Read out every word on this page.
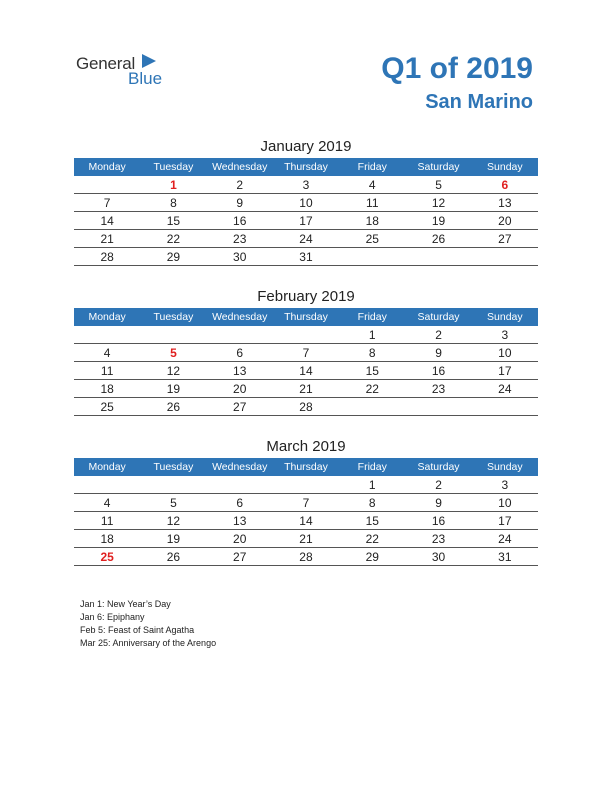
General
Blue	Q1 of 2019
San Marino
January 2019
Monday	Tuesday	Wednesday	Thursday	Friday	Saturday	Sunday
	1	2	3	4	5	6
7	8	9	10	11	12	13
14	15	16	17	18	19	20
21	22	23	24	25	26	27
28	29	30	31			
February 2019
Monday	Tuesday	Wednesday	Thursday	Friday	Saturday	Sunday
				1	2	3
4	5	6	7	8	9	10
11	12	13	14	15	16	17
18	19	20	21	22	23	24
25	26	27	28			
March 2019
Monday	Tuesday	Wednesday	Thursday	Friday	Saturday	Sunday
				1	2	3
4	5	6	7	8	9	10
11	12	13	14	15	16	17
18	19	20	21	22	23	24
25	26	27	28	29	30	31
Jan 1: New Year’s Day
Jan 6: Epiphany
Feb 5: Feast of Saint Agatha
Mar 25: Anniversary of the Arengo
